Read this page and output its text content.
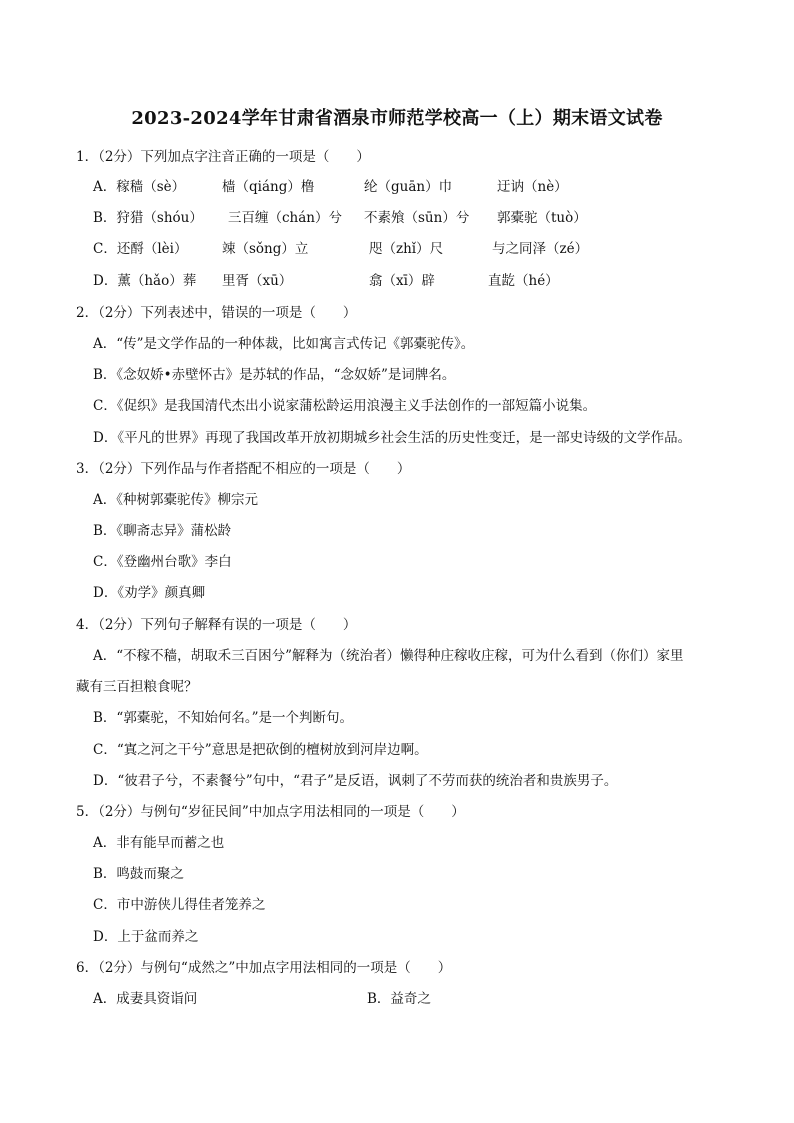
2023-2024学年甘肃省酒泉市师范学校高一（上）期末语文试卷
1．（2分）下列加点字注音正确的一项是（　　）
A．稼穑（sè）	樯（qiáng）橹	纶（guān）巾	迂讷（nè）
B．狩猎（shóu） 三百缠（chán）兮 不素飧（sūn）兮 郭橐驼（tuò）
C．还酹（lèi）	竦（sǒng）立	咫（zhǐ）尺	与之同泽（zé）
D．薰（hǎo）葬 里胥（xū）	翕（xī）辟	直龁（hé）
2．（2分）下列表述中，错误的一项是（　　）
A．“传”是文学作品的一种体裁，比如寓言式传记《郭橐驼传》。
B．《念奴娇•赤壁怀古》是苏轼的作品，“念奴娇”是词牌名。
C．《促织》是我国清代杰出小说家蒲松龄运用浪漫主义手法创作的一部短篇小说集。
D．《平凡的世界》再现了我国改革开放初期城乡社会生活的历史性变迁，是一部史诗级的文学作品。
3．（2分）下列作品与作者搭配不相应的一项是（　　）
A．《种树郭橐驼传》柳宗元
B．《聊斋志异》蒲松龄
C．《登幽州台歌》李白
D．《劝学》颜真卿
4．（2分）下列句子解释有误的一项是（　　）
A．“不稼不穑，胡取禾三百困兮”解释为（统治者）懒得种庄稼收庄稼，可为什么看到（你们）家里
藏有三百担粮食呢？
B．“郭橐驼，不知始何名。”是一个判断句。
C．“寘之河之干兮”意思是把砍倒的檀树放到河岸边啊。
D．“彼君子兮，不素餐兮”句中，“君子”是反语，讽刺了不劳而获的统治者和贵族男子。
5．（2分）与例句“岁征民间”中加点字用法相同的一项是（　　）
A．非有能早而蓄之也
B．鸣鼓而聚之
C．市中游侠儿得佳者笼养之
D．上于盆而养之
6．（2分）与例句“成然之”中加点字用法相同的一项是（　　）
A．成妻具资诣问	B．益奇之
